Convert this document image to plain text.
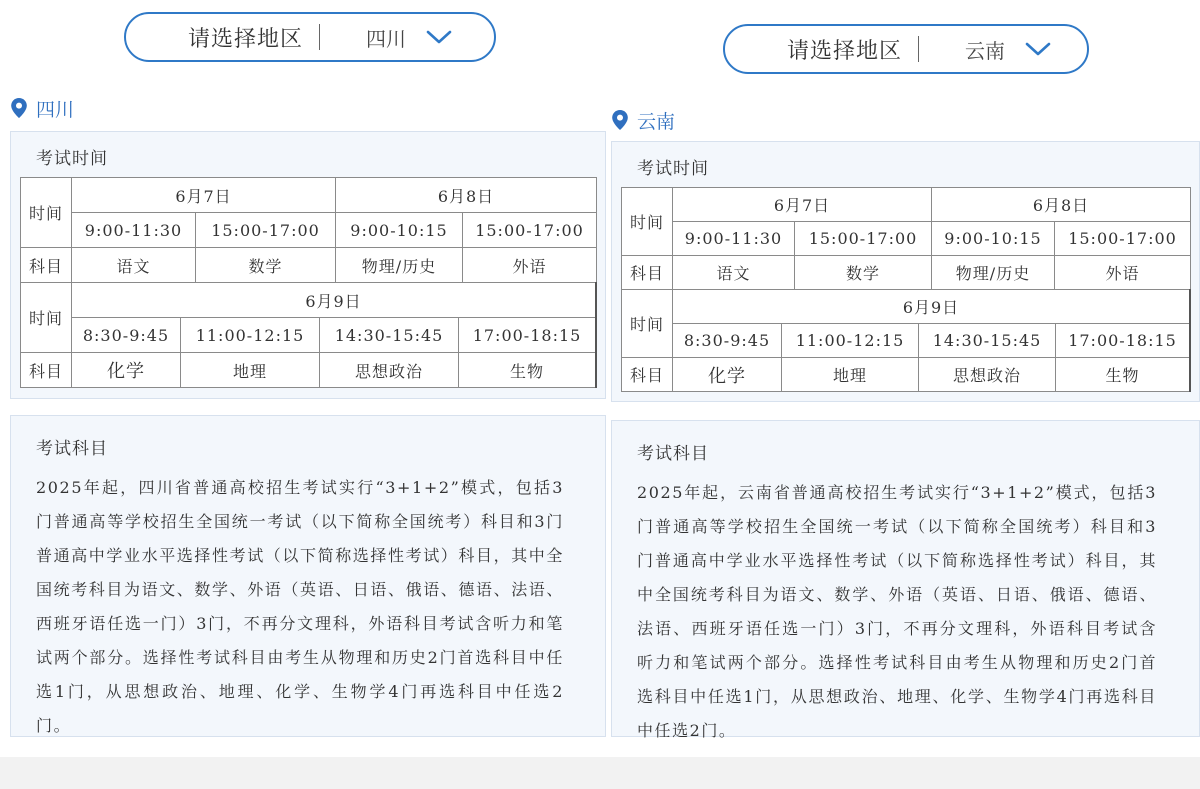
请选择地区	四川
四川
考试时间
时间	6月7日		6月8日	
	9:00-11:30	15:00-17:00	9:00-10:15	15:00-17:00
科目	语文	数学	物理/历史	外语
时间	6月9日			
	8:30-9:45	11:00-12:15	14:30-15:45	17:00-18:15
科目	化学	地理	思想政治	生物
考试科目

2025年起，四川省普通高校招生考试实行“3+1+2”模式，包括3门普通高等学校招生全国统一考试（以下简称全国统考）科目和3门普通高中学业水平选择性考试（以下简称选择性考试）科目，其中全国统考科目为语文、数学、外语（英语、日语、俄语、德语、法语、西班牙语任选一门）3门，不再分文理科，外语科目考试含听力和笔试两个部分。选择性考试科目由考生从物理和历史2门首选科目中任选1门，从思想政治、地理、化学、生物学4门再选科目中任选2门。

请选择地区	云南
云南
考试时间
时间	6月7日		6月8日	
	9:00-11:30	15:00-17:00	9:00-10:15	15:00-17:00
科目	语文	数学	物理/历史	外语
时间	6月9日			
	8:30-9:45	11:00-12:15	14:30-15:45	17:00-18:15
科目	化学	地理	思想政治	生物
考试科目

2025年起，云南省普通高校招生考试实行“3+1+2”模式，包括3门普通高等学校招生全国统一考试（以下简称全国统考）科目和3门普通高中学业水平选择性考试（以下简称选择性考试）科目，其中全国统考科目为语文、数学、外语（英语、日语、俄语、德语、法语、西班牙语任选一门）3门，不再分文理科，外语科目考试含听力和笔试两个部分。选择性考试科目由考生从物理和历史2门首选科目中任选1门，从思想政治、地理、化学、生物学4门再选科目中任选2门。
